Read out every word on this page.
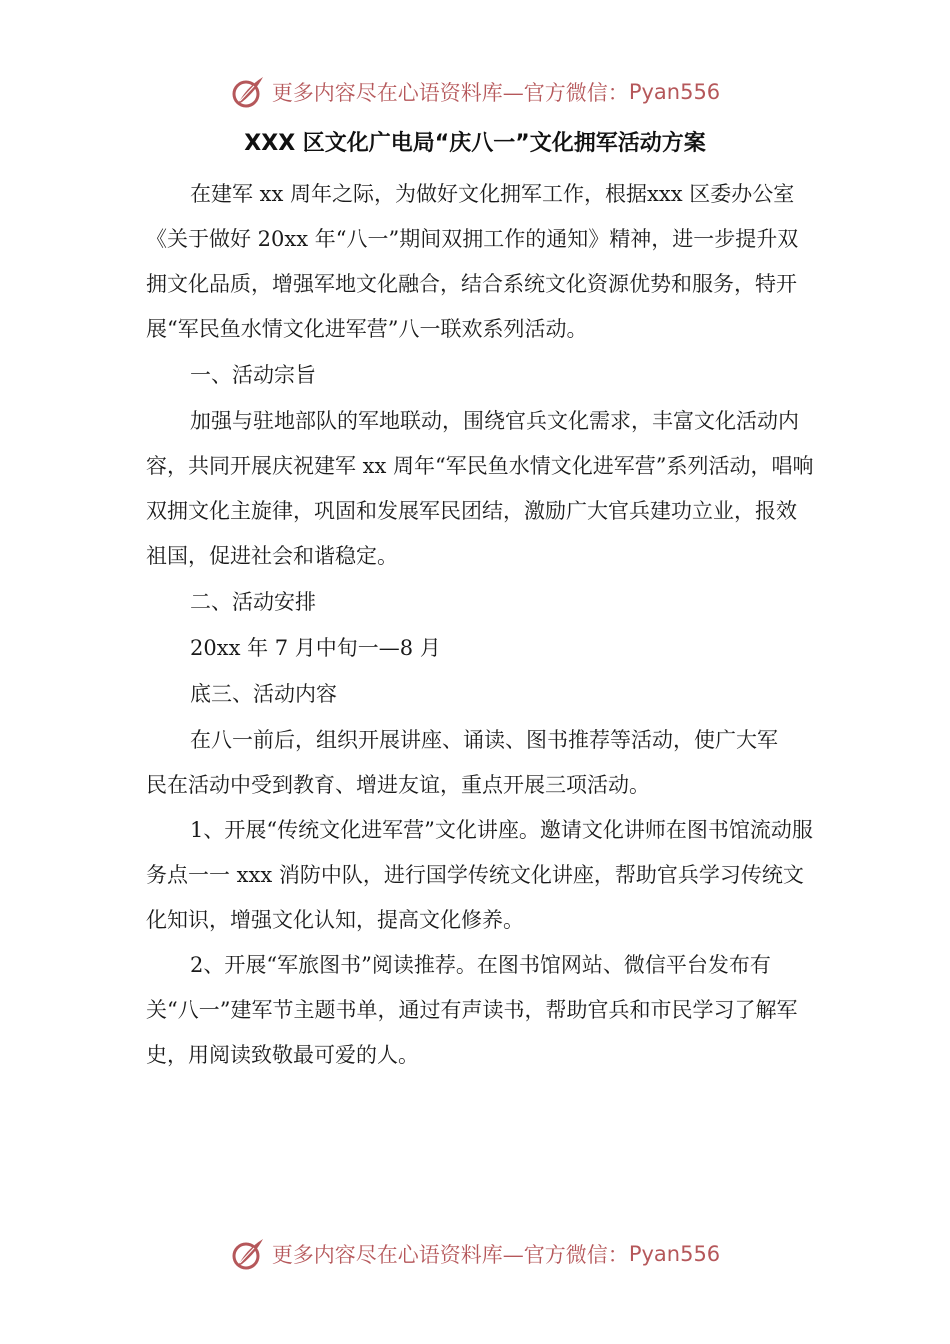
更多内容尽在心语资料库—官方微信： Pyan556
XXX 区文化广电局“庆八一”文化拥军活动方案

在建军 xx 周年之际，为做好文化拥军工作，根据xxx 区委办公室《关于做好 20xx 年“八一”期间双拥工作的通知》精神，进一步提升双拥文化品质，增强军地文化融合，结合系统文化资源优势和服务，特开展“军民鱼水情文化进军营”八一联欢系列活动。

一、活动宗旨

加强与驻地部队的军地联动，围绕官兵文化需求，丰富文化活动内容，共同开展庆祝建军 xx 周年“军民鱼水情文化进军营”系列活动，唱响双拥文化主旋律，巩固和发展军民团结，激励广大官兵建功立业，报效祖国，促进社会和谐稳定。

二、活动安排

20xx 年 7 月中旬一—8 月

底三、活动内容

在八一前后，组织开展讲座、诵读、图书推荐等活动，使广大军

民在活动中受到教育、增进友谊，重点开展三项活动。

1、开展“传统文化进军营”文化讲座。邀请文化讲师在图书馆流动服务点一一 xxx 消防中队，进行国学传统文化讲座，帮助官兵学习传统文化知识，增强文化认知，提高文化修养。

2、开展“军旅图书”阅读推荐。在图书馆网站、微信平台发布有关“八一”建军节主题书单，通过有声读书，帮助官兵和市民学习了解军史，用阅读致敬最可爱的人。

更多内容尽在心语资料库—官方微信： Pyan556
